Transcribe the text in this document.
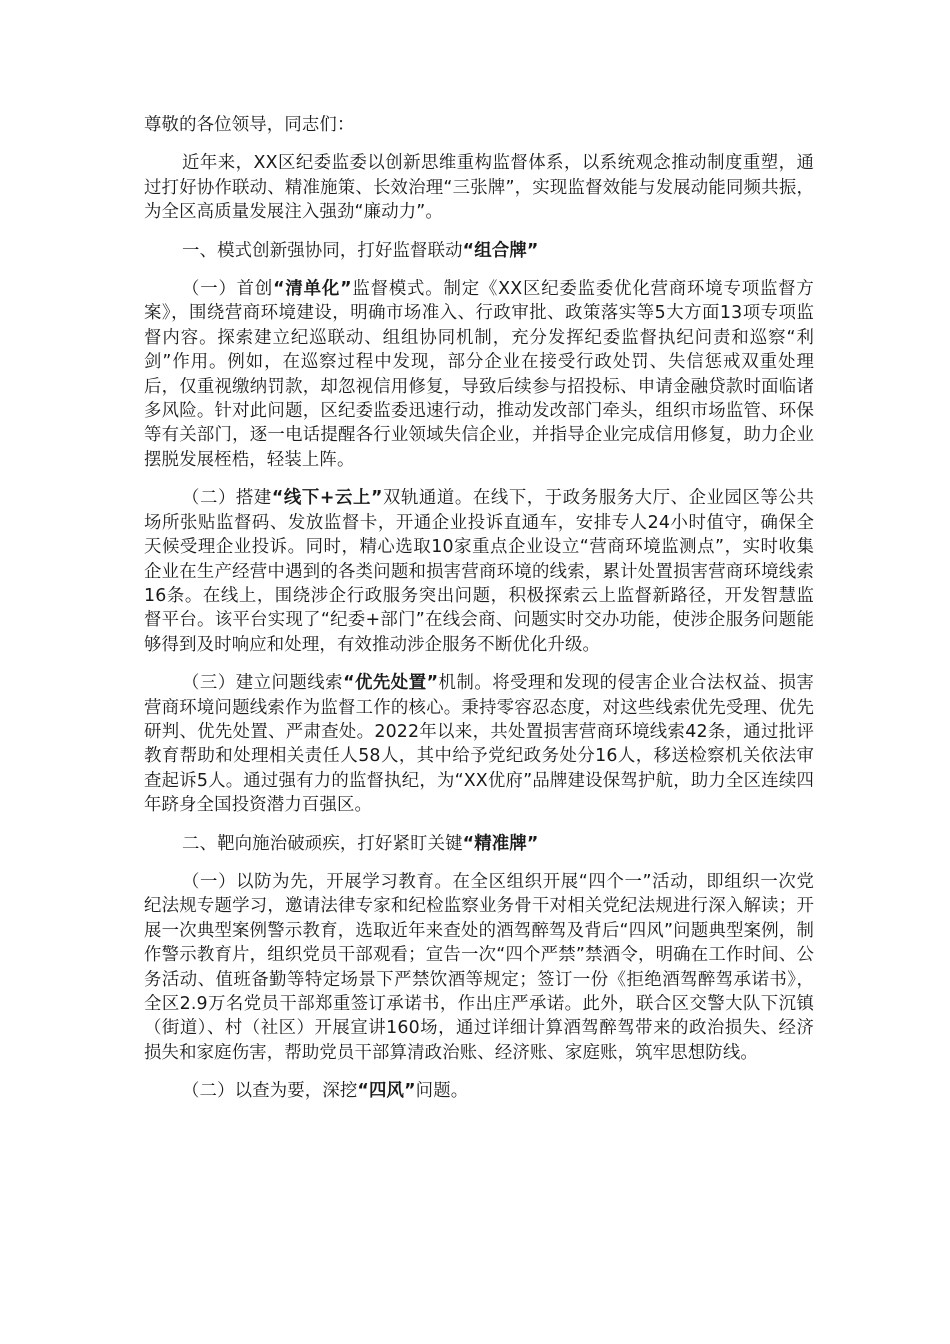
尊敬的各位领导，同志们：

近年来，XX区纪委监委以创新思维重构监督体系，以系统观念推动制度重塑，通过打好协作联动、精准施策、长效治理“三张牌”，实现监督效能与发展动能同频共振，为全区高质量发展注入强劲“廉动力”。

一、模式创新强协同，打好监督联动“组合牌”

（一）首创“清单化”监督模式。制定《XX区纪委监委优化营商环境专项监督方案》，围绕营商环境建设，明确市场准入、行政审批、政策落实等5大方面13项专项监督内容。探索建立纪巡联动、组组协同机制，充分发挥纪委监督执纪问责和巡察“利剑”作用。例如，在巡察过程中发现，部分企业在接受行政处罚、失信惩戒双重处理后，仅重视缴纳罚款，却忽视信用修复，导致后续参与招投标、申请金融贷款时面临诸多风险。针对此问题，区纪委监委迅速行动，推动发改部门牵头，组织市场监管、环保等有关部门，逐一电话提醒各行业领域失信企业，并指导企业完成信用修复，助力企业摆脱发展桎梏，轻装上阵。

（二）搭建“线下+云上”双轨通道。在线下，于政务服务大厅、企业园区等公共场所张贴监督码、发放监督卡，开通企业投诉直通车，安排专人24小时值守，确保全天候受理企业投诉。同时，精心选取10家重点企业设立“营商环境监测点”，实时收集企业在生产经营中遇到的各类问题和损害营商环境的线索，累计处置损害营商环境线索16条。在线上，围绕涉企行政服务突出问题，积极探索云上监督新路径，开发智慧监督平台。该平台实现了“纪委+部门”在线会商、问题实时交办功能，使涉企服务问题能够得到及时响应和处理，有效推动涉企服务不断优化升级。

（三）建立问题线索“优先处置”机制。将受理和发现的侵害企业合法权益、损害营商环境问题线索作为监督工作的核心。秉持零容忍态度，对这些线索优先受理、优先研判、优先处置、严肃查处。2022年以来，共处置损害营商环境线索42条，通过批评教育帮助和处理相关责任人58人，其中给予党纪政务处分16人，移送检察机关依法审查起诉5人。通过强有力的监督执纪，为“XX优府”品牌建设保驾护航，助力全区连续四年跻身全国投资潜力百强区。

二、靶向施治破顽疾，打好紧盯关键“精准牌”

（一）以防为先，开展学习教育。在全区组织开展“四个一”活动，即组织一次党纪法规专题学习，邀请法律专家和纪检监察业务骨干对相关党纪法规进行深入解读；开展一次典型案例警示教育，选取近年来查处的酒驾醉驾及背后“四风”问题典型案例，制作警示教育片，组织党员干部观看；宣告一次“四个严禁”禁酒令，明确在工作时间、公务活动、值班备勤等特定场景下严禁饮酒等规定；签订一份《拒绝酒驾醉驾承诺书》，全区2.9万名党员干部郑重签订承诺书，作出庄严承诺。此外，联合区交警大队下沉镇（街道）、村（社区）开展宣讲160场，通过详细计算酒驾醉驾带来的政治损失、经济损失和家庭伤害，帮助党员干部算清政治账、经济账、家庭账，筑牢思想防线。

（二）以查为要，深挖“四风”问题。
